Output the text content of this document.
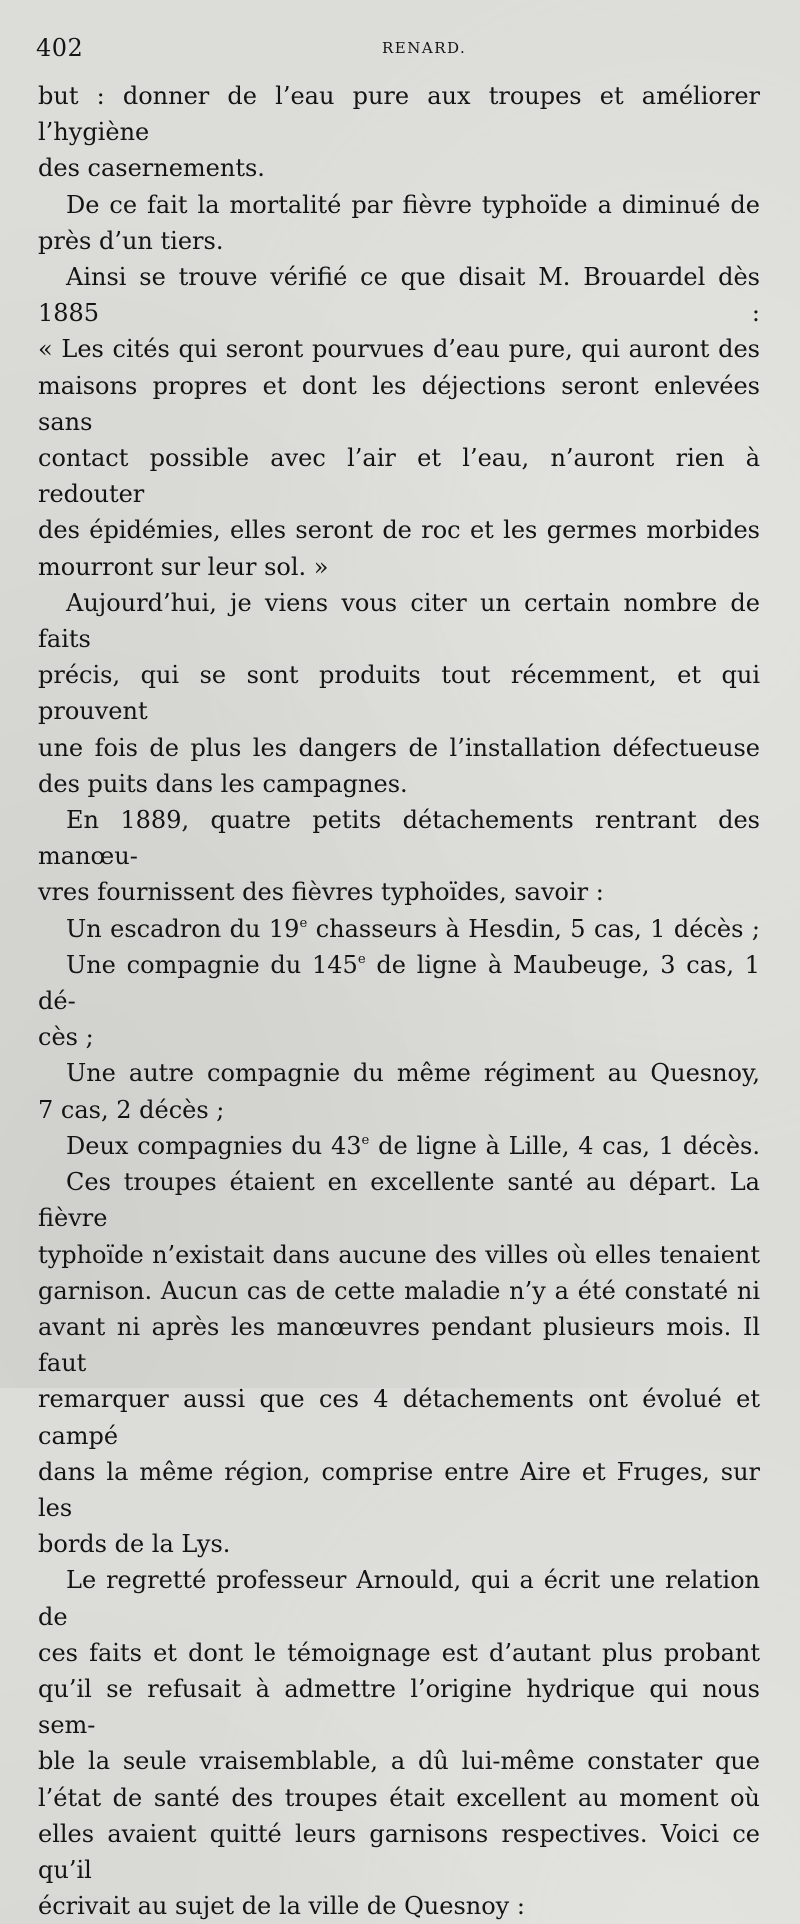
402	RENARD.

but : donner de l’eau pure aux troupes et améliorer l’hygiène

des casernements.

De ce fait la mortalité par fièvre typhoïde a diminué de

près d’un tiers.

Ainsi se trouve vérifié ce que disait M. Brouardel dès 1885 :

« Les cités qui seront pourvues d’eau pure, qui auront des

maisons propres et dont les déjections seront enlevées sans

contact possible avec l’air et l’eau, n’auront rien à redouter

des épidémies, elles seront de roc et les germes morbides

mourront sur leur sol. »

Aujourd’hui, je viens vous citer un certain nombre de faits

précis, qui se sont produits tout récemment, et qui prouvent

une fois de plus les dangers de l’installation défectueuse

des puits dans les campagnes.

En 1889, quatre petits détachements rentrant des manœu-

vres fournissent des fièvres typhoïdes, savoir :

Un escadron du 19e chasseurs à Hesdin, 5 cas, 1 décès ;

Une compagnie du 145e de ligne à Maubeuge, 3 cas, 1 dé-

cès ;

Une autre compagnie du même régiment au Quesnoy,

7 cas, 2 décès ;

Deux compagnies du 43e de ligne à Lille, 4 cas, 1 décès.

Ces troupes étaient en excellente santé au départ. La fièvre

typhoïde n’existait dans aucune des villes où elles tenaient

garnison. Aucun cas de cette maladie n’y a été constaté ni

avant ni après les manœuvres pendant plusieurs mois. Il faut

remarquer aussi que ces 4 détachements ont évolué et campé

dans la même région, comprise entre Aire et Fruges, sur les

bords de la Lys.

Le regretté professeur Arnould, qui a écrit une relation de

ces faits et dont le témoignage est d’autant plus probant

qu’il se refusait à admettre l’origine hydrique qui nous sem-

ble la seule vraisemblable, a dû lui-même constater que

l’état de santé des troupes était excellent au moment où

elles avaient quitté leurs garnisons respectives. Voici ce qu’il

écrivait au sujet de la ville de Quesnoy :
